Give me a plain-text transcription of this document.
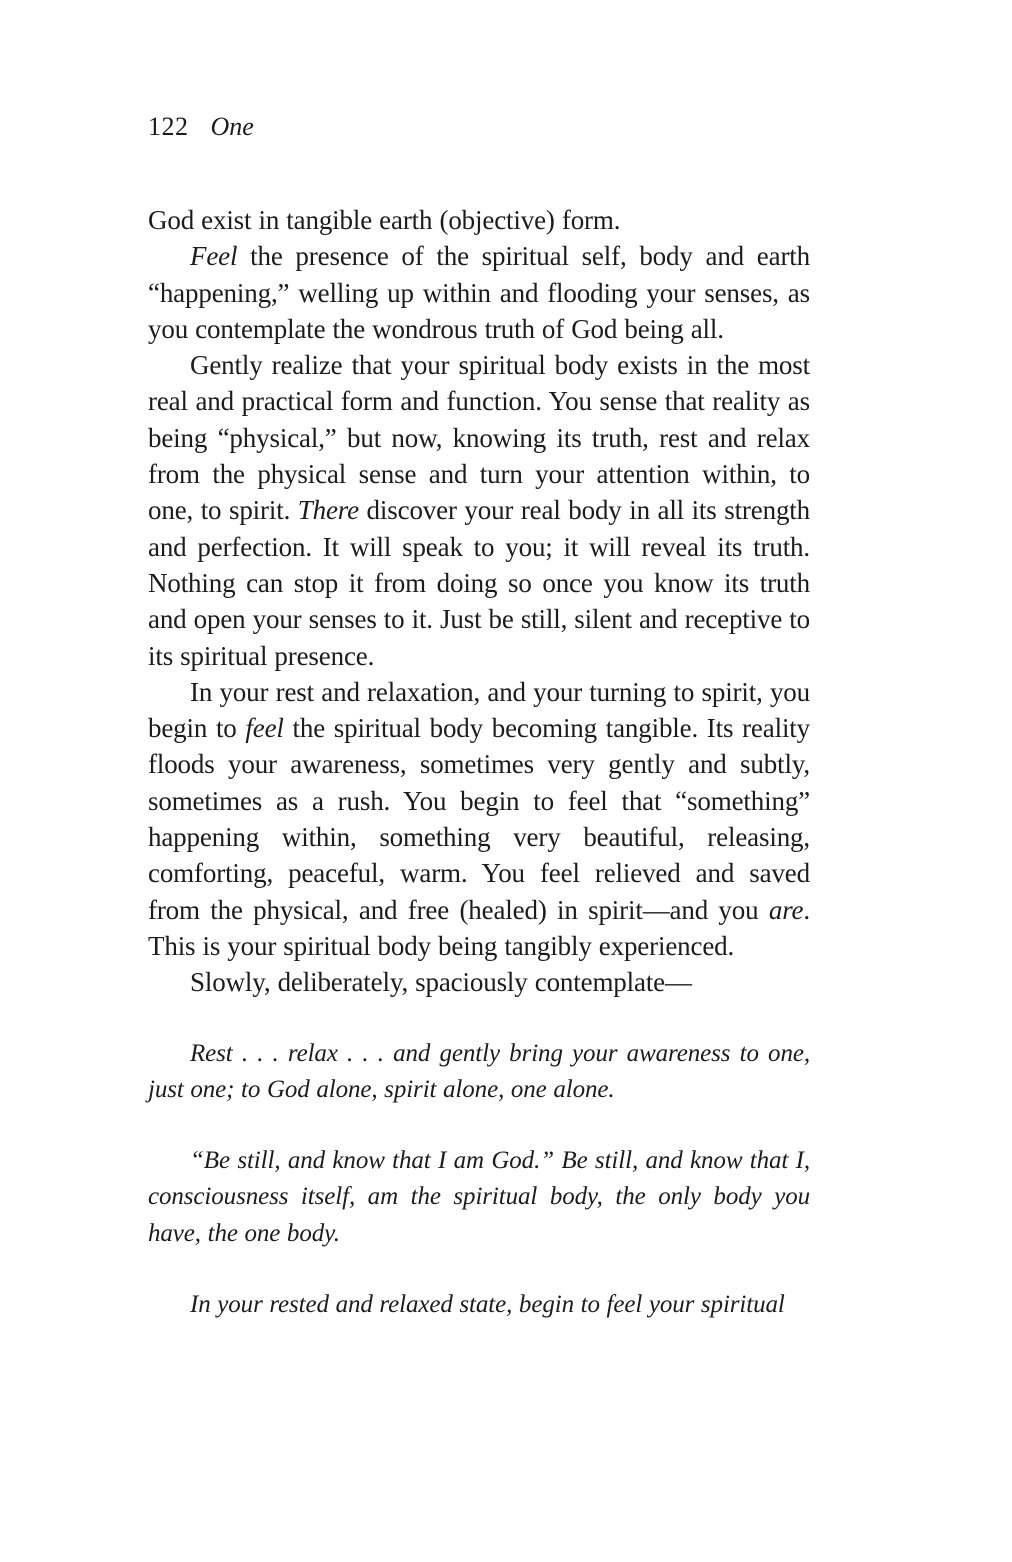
122 One

God exist in tangible earth (objective) form.

Feel the presence of the spiritual self, body and earth “happening,” welling up within and flooding your senses, as you contemplate the wondrous truth of God being all.

Gently realize that your spiritual body exists in the most real and practical form and function. You sense that reality as being “physical,” but now, knowing its truth, rest and relax from the physical sense and turn your attention within, to one, to spirit. There discover your real body in all its strength and perfection. It will speak to you; it will reveal its truth. Nothing can stop it from doing so once you know its truth and open your senses to it. Just be still, silent and receptive to its spiritual presence.

In your rest and relaxation, and your turning to spirit, you begin to feel the spiritual body becoming tangible. Its reality floods your awareness, sometimes very gently and subtly, sometimes as a rush. You begin to feel that “something” happening within, something very beautiful, releasing, comforting, peaceful, warm. You feel relieved and saved from the physical, and free (healed) in spirit—and you are. This is your spiritual body being tangibly experienced.

Slowly, deliberately, spaciously contemplate—

Rest . . . relax . . . and gently bring your awareness to one, just one; to God alone, spirit alone, one alone.

“Be still, and know that I am God.” Be still, and know that I, consciousness itself, am the spiritual body, the only body you have, the one body.

In your rested and relaxed state, begin to feel your spiritual
